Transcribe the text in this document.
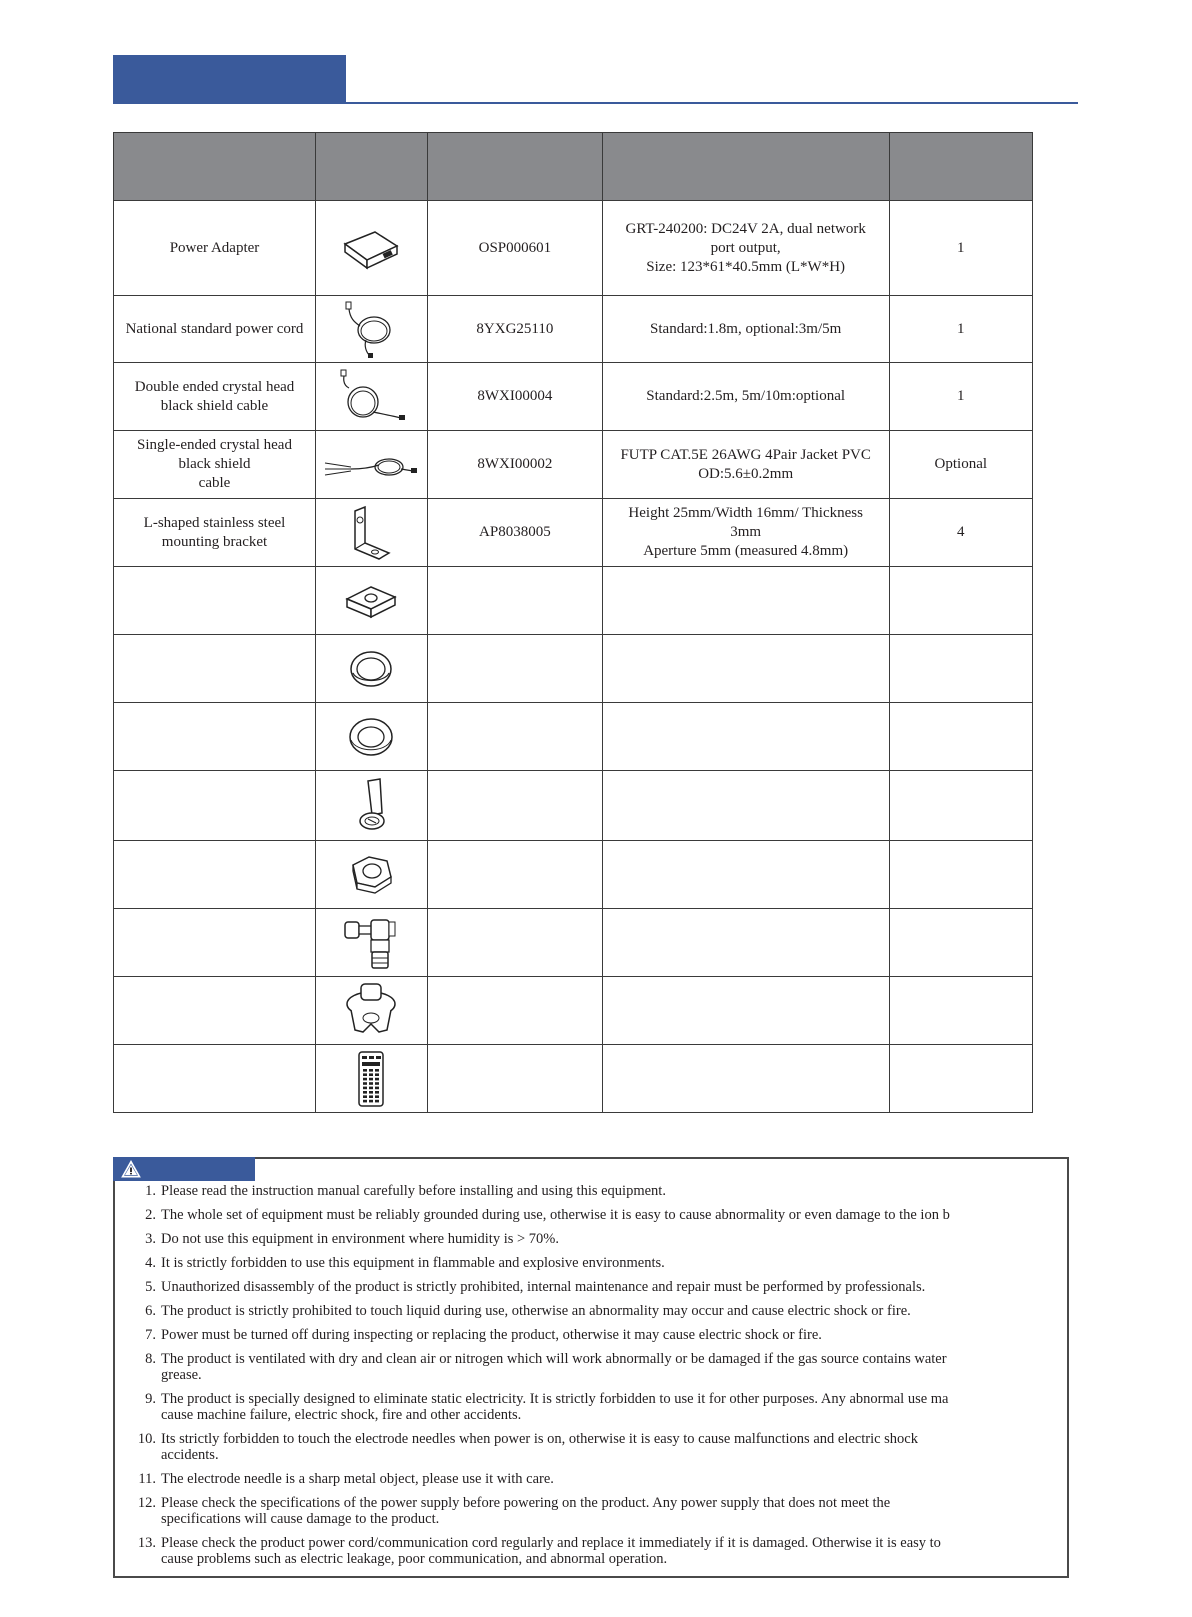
Power Adapter		OSP000601	GRT-240200: DC24V 2A, dual network
port output,
Size: 123*61*40.5mm (L*W*H)	1
National standard power cord		8YXG25110	Standard:1.8m, optional:3m/5m	1
Double ended crystal head
black shield cable		8WXI00004	Standard:2.5m, 5m/10m:optional	1
Single-ended crystal head
black shield
cable		8WXI00002	FUTP CAT.5E 26AWG 4Pair Jacket PVC
OD:5.6±0.2mm	Optional
L-shaped stainless steel
mounting bracket		AP8038005	Height 25mm/Width 16mm/ Thickness
3mm
Aperture 5mm (measured 4.8mm)	4

1. Please read the instruction manual carefully before installing and using this equipment.
2. The whole set of equipment must be reliably grounded during use, otherwise it is easy to cause abnormality or even damage to the ion b
3. Do not use this equipment in environment where humidity is > 70%.
4. It is strictly forbidden to use this equipment in flammable and explosive environments.
5. Unauthorized disassembly of the product is strictly prohibited, internal maintenance and repair must be performed by professionals.
6. The product is strictly prohibited to touch liquid during use, otherwise an abnormality may occur and cause electric shock or fire.
7. Power must be turned off during inspecting or replacing the product, otherwise it may cause electric shock or fire.
8. The product is ventilated with dry and clean air or nitrogen which will work abnormally or be damaged if the gas source contains water
grease.
9. The product is specially designed to eliminate static electricity. It is strictly forbidden to use it for other purposes. Any abnormal use ma
cause machine failure, electric shock, fire and other accidents.
10. Its strictly forbidden to touch the electrode needles when power is on, otherwise it is easy to cause malfunctions and electric shock
accidents.
11. The electrode needle is a sharp metal object, please use it with care.
12. Please check the specifications of the power supply before powering on the product. Any power supply that does not meet the
specifications will cause damage to the product.
13. Please check the product power cord/communication cord regularly and replace it immediately if it is damaged. Otherwise it is easy to
cause problems such as electric leakage, poor communication, and abnormal operation.
